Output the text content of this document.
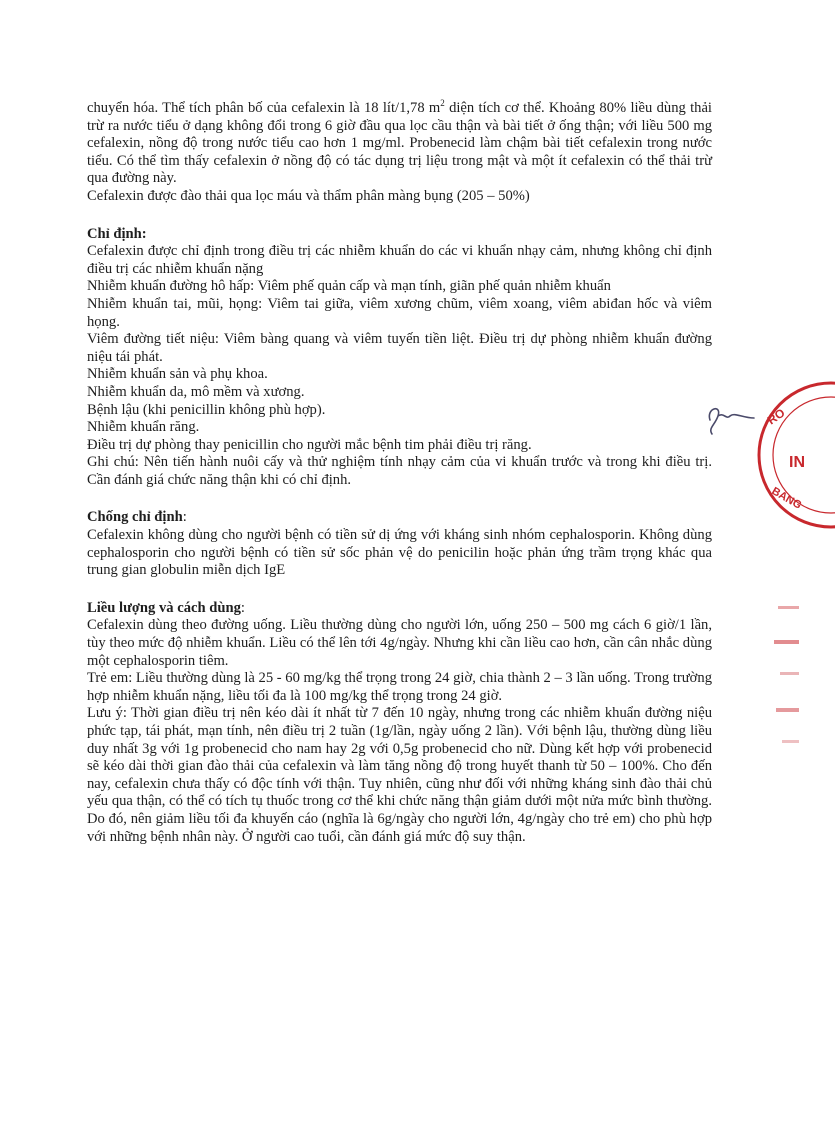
chuyển hóa. Thể tích phân bố của cefalexin là 18 lít/1,78 $m^2$ diện tích cơ thể. Khoảng 80% liều dùng thải trừ ra nước tiểu ở dạng không đổi trong 6 giờ đầu qua lọc cầu thận và bài tiết ở ống thận; với liều 500 mg cefalexin, nồng độ trong nước tiểu cao hơn 1 mg/ml. Probenecid làm chậm bài tiết cefalexin trong nước tiểu. Có thể tìm thấy cefalexin ở nồng độ có tác dụng trị liệu trong mật và một ít cefalexin có thể thải trừ qua đường này.

Cefalexin được đào thải qua lọc máu và thẩm phân màng bụng (205 – 50%)

Chỉ định:

Cefalexin được chỉ định trong điều trị các nhiễm khuẩn do các vi khuẩn nhạy cảm, nhưng không chỉ định điều trị các nhiễm khuẩn nặng

Nhiễm khuẩn đường hô hấp: Viêm phế quản cấp và mạn tính, giãn phế quản nhiễm khuẩn

Nhiễm khuẩn tai, mũi, họng: Viêm tai giữa, viêm xương chũm, viêm xoang, viêm abiđan hốc và viêm họng.

Viêm đường tiết niệu: Viêm bàng quang và viêm tuyến tiền liệt. Điều trị dự phòng nhiễm khuẩn đường niệu tái phát.

Nhiễm khuẩn sản và phụ khoa.

Nhiễm khuẩn da, mô mềm và xương.

Bệnh lậu (khi penicillin không phù hợp).

Nhiễm khuẩn răng.

Điều trị dự phòng thay penicillin cho người mắc bệnh tim phải điều trị răng.

Ghi chú: Nên tiến hành nuôi cấy và thử nghiệm tính nhạy cảm của vi khuẩn trước và trong khi điều trị. Cần đánh giá chức năng thận khi có chỉ định.

Chống chỉ định:

Cefalexin không dùng cho người bệnh có tiền sử dị ứng với kháng sinh nhóm cephalosporin. Không dùng cephalosporin cho người bệnh có tiền sử sốc phản vệ do penicilin hoặc phản ứng trầm trọng khác qua trung gian globulin miễn dịch IgE

Liều lượng và cách dùng:

Cefalexin dùng theo đường uống. Liều thường dùng cho người lớn, uống 250 – 500 mg cách 6 giờ/1 lần, tùy theo mức độ nhiễm khuẩn. Liều có thể lên tới 4g/ngày. Nhưng khi cần liều cao hơn, cần cân nhắc dùng một cephalosporin tiêm.

Trẻ em: Liều thường dùng là 25 - 60 mg/kg thể trọng trong 24 giờ, chia thành 2 – 3 lần uống. Trong trường hợp nhiễm khuẩn nặng, liều tối đa là 100 mg/kg thể trọng trong 24 giờ.

Lưu ý: Thời gian điều trị nên kéo dài ít nhất từ 7 đến 10 ngày, nhưng trong các nhiễm khuẩn đường niệu phức tạp, tái phát, mạn tính, nên điều trị 2 tuần (1g/lần, ngày uống 2 lần). Với bệnh lậu, thường dùng liều duy nhất 3g với 1g probenecid cho nam hay 2g với 0,5g probenecid cho nữ. Dùng kết hợp với probenecid sẽ kéo dài thời gian đào thải của cefalexin và làm tăng nồng độ trong huyết thanh từ 50 – 100%. Cho đến nay, cefalexin chưa thấy có độc tính với thận. Tuy nhiên, cũng như đối với những kháng sinh đào thải chủ yếu qua thận, có thể có tích tụ thuốc trong cơ thể khi chức năng thận giảm dưới một nửa mức bình thường. Do đó, nên giảm liều tối đa khuyến cáo (nghĩa là 6g/ngày cho người lớn, 4g/ngày cho trẻ em) cho phù hợp với những bệnh nhân này. Ở người cao tuổi, cần đánh giá mức độ suy thận.

RO
IN
BANG
